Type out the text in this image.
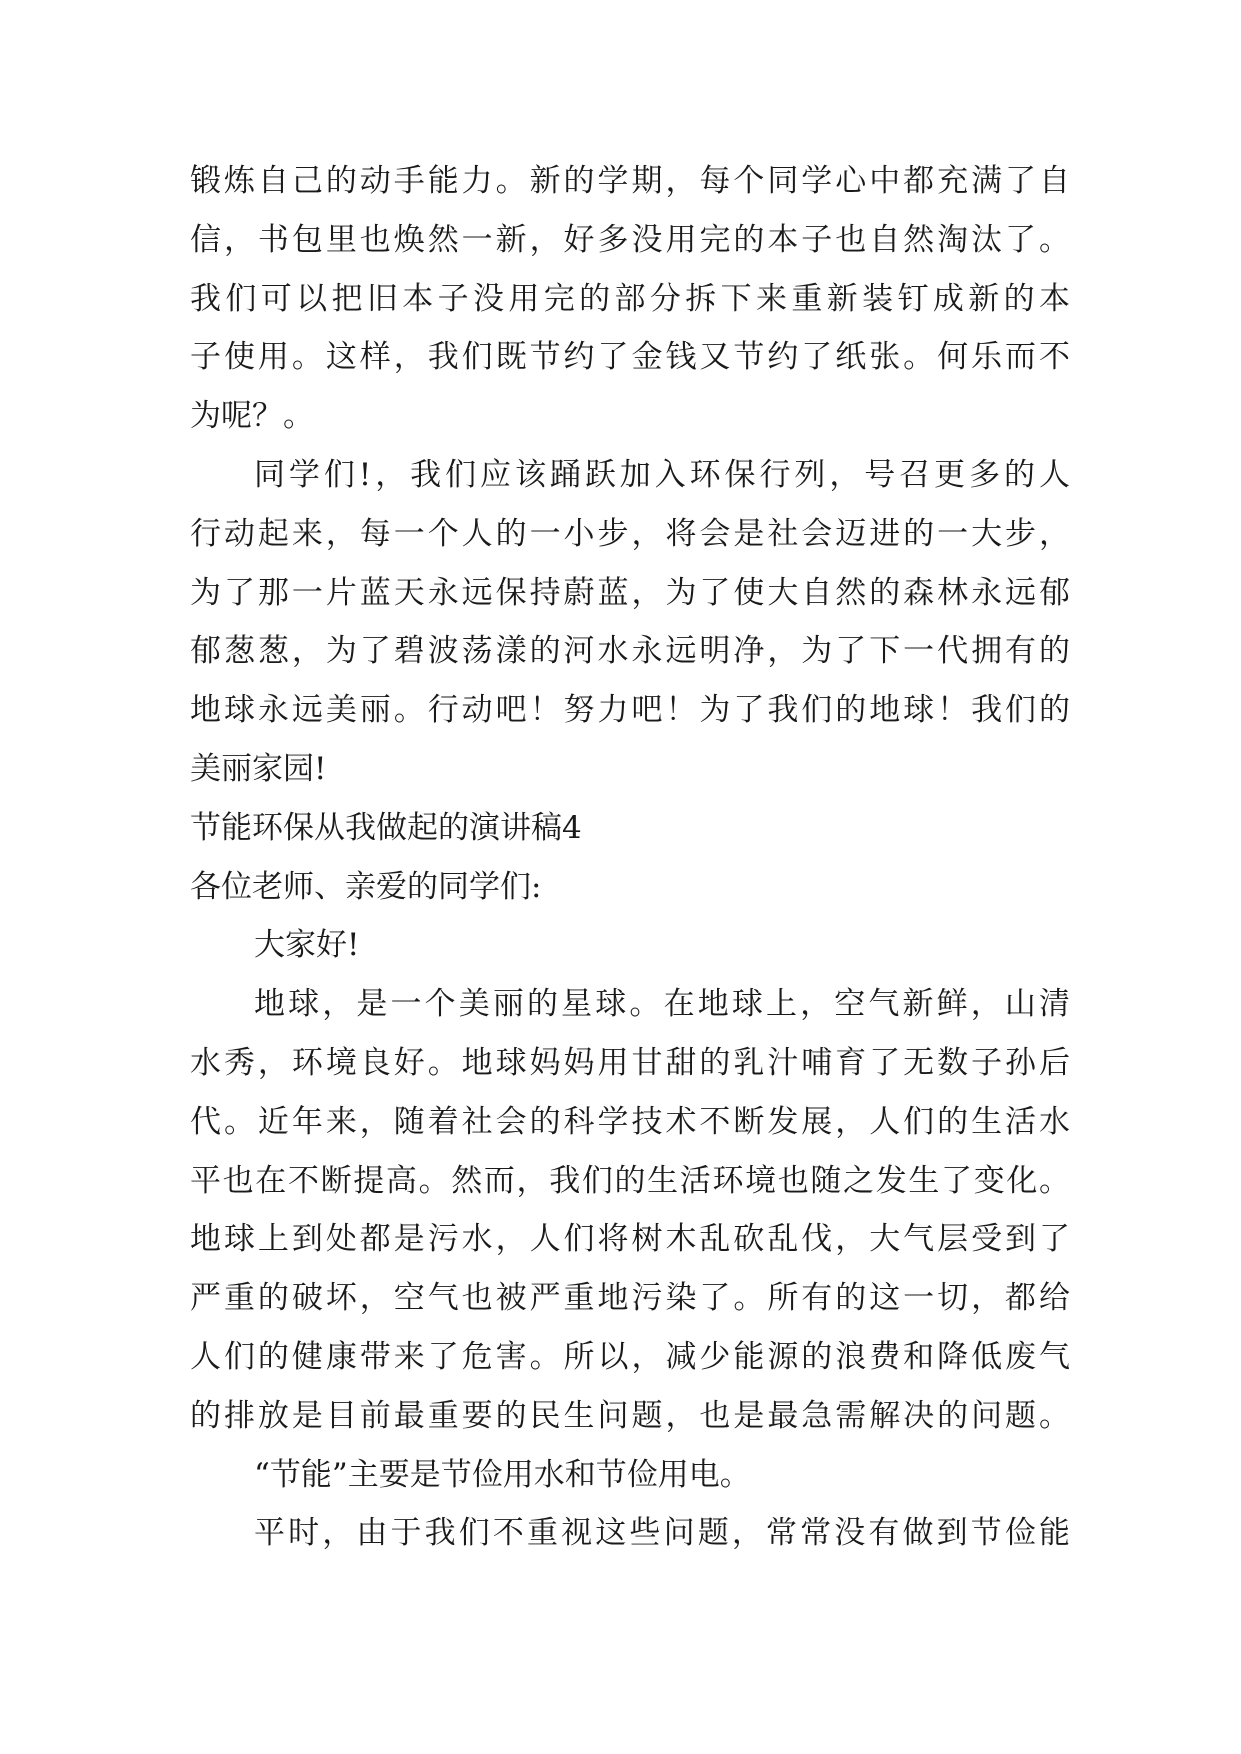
锻炼自己的动手能力。新的学期，每个同学心中都充满了自
信，书包里也焕然一新，好多没用完的本子也自然淘汰了。
我们可以把旧本子没用完的部分拆下来重新装钉成新的本
子使用。这样，我们既节约了金钱又节约了纸张。何乐而不
为呢？。
同学们!，我们应该踊跃加入环保行列，号召更多的人
行动起来，每一个人的一小步，将会是社会迈进的一大步，
为了那一片蓝天永远保持蔚蓝，为了使大自然的森林永远郁
郁葱葱，为了碧波荡漾的河水永远明净，为了下一代拥有的
地球永远美丽。行动吧！努力吧！为了我们的地球！我们的
美丽家园!
节能环保从我做起的演讲稿4
各位老师、亲爱的同学们:
大家好!
地球，是一个美丽的星球。在地球上，空气新鲜，山清
水秀，环境良好。地球妈妈用甘甜的乳汁哺育了无数子孙后
代。近年来，随着社会的科学技术不断发展，人们的生活水
平也在不断提高。然而，我们的生活环境也随之发生了变化。
地球上到处都是污水，人们将树木乱砍乱伐，大气层受到了
严重的破坏，空气也被严重地污染了。所有的这一切，都给
人们的健康带来了危害。所以，减少能源的浪费和降低废气
的排放是目前最重要的民生问题，也是最急需解决的问题。
“节能”主要是节俭用水和节俭用电。
平时，由于我们不重视这些问题，常常没有做到节俭能
